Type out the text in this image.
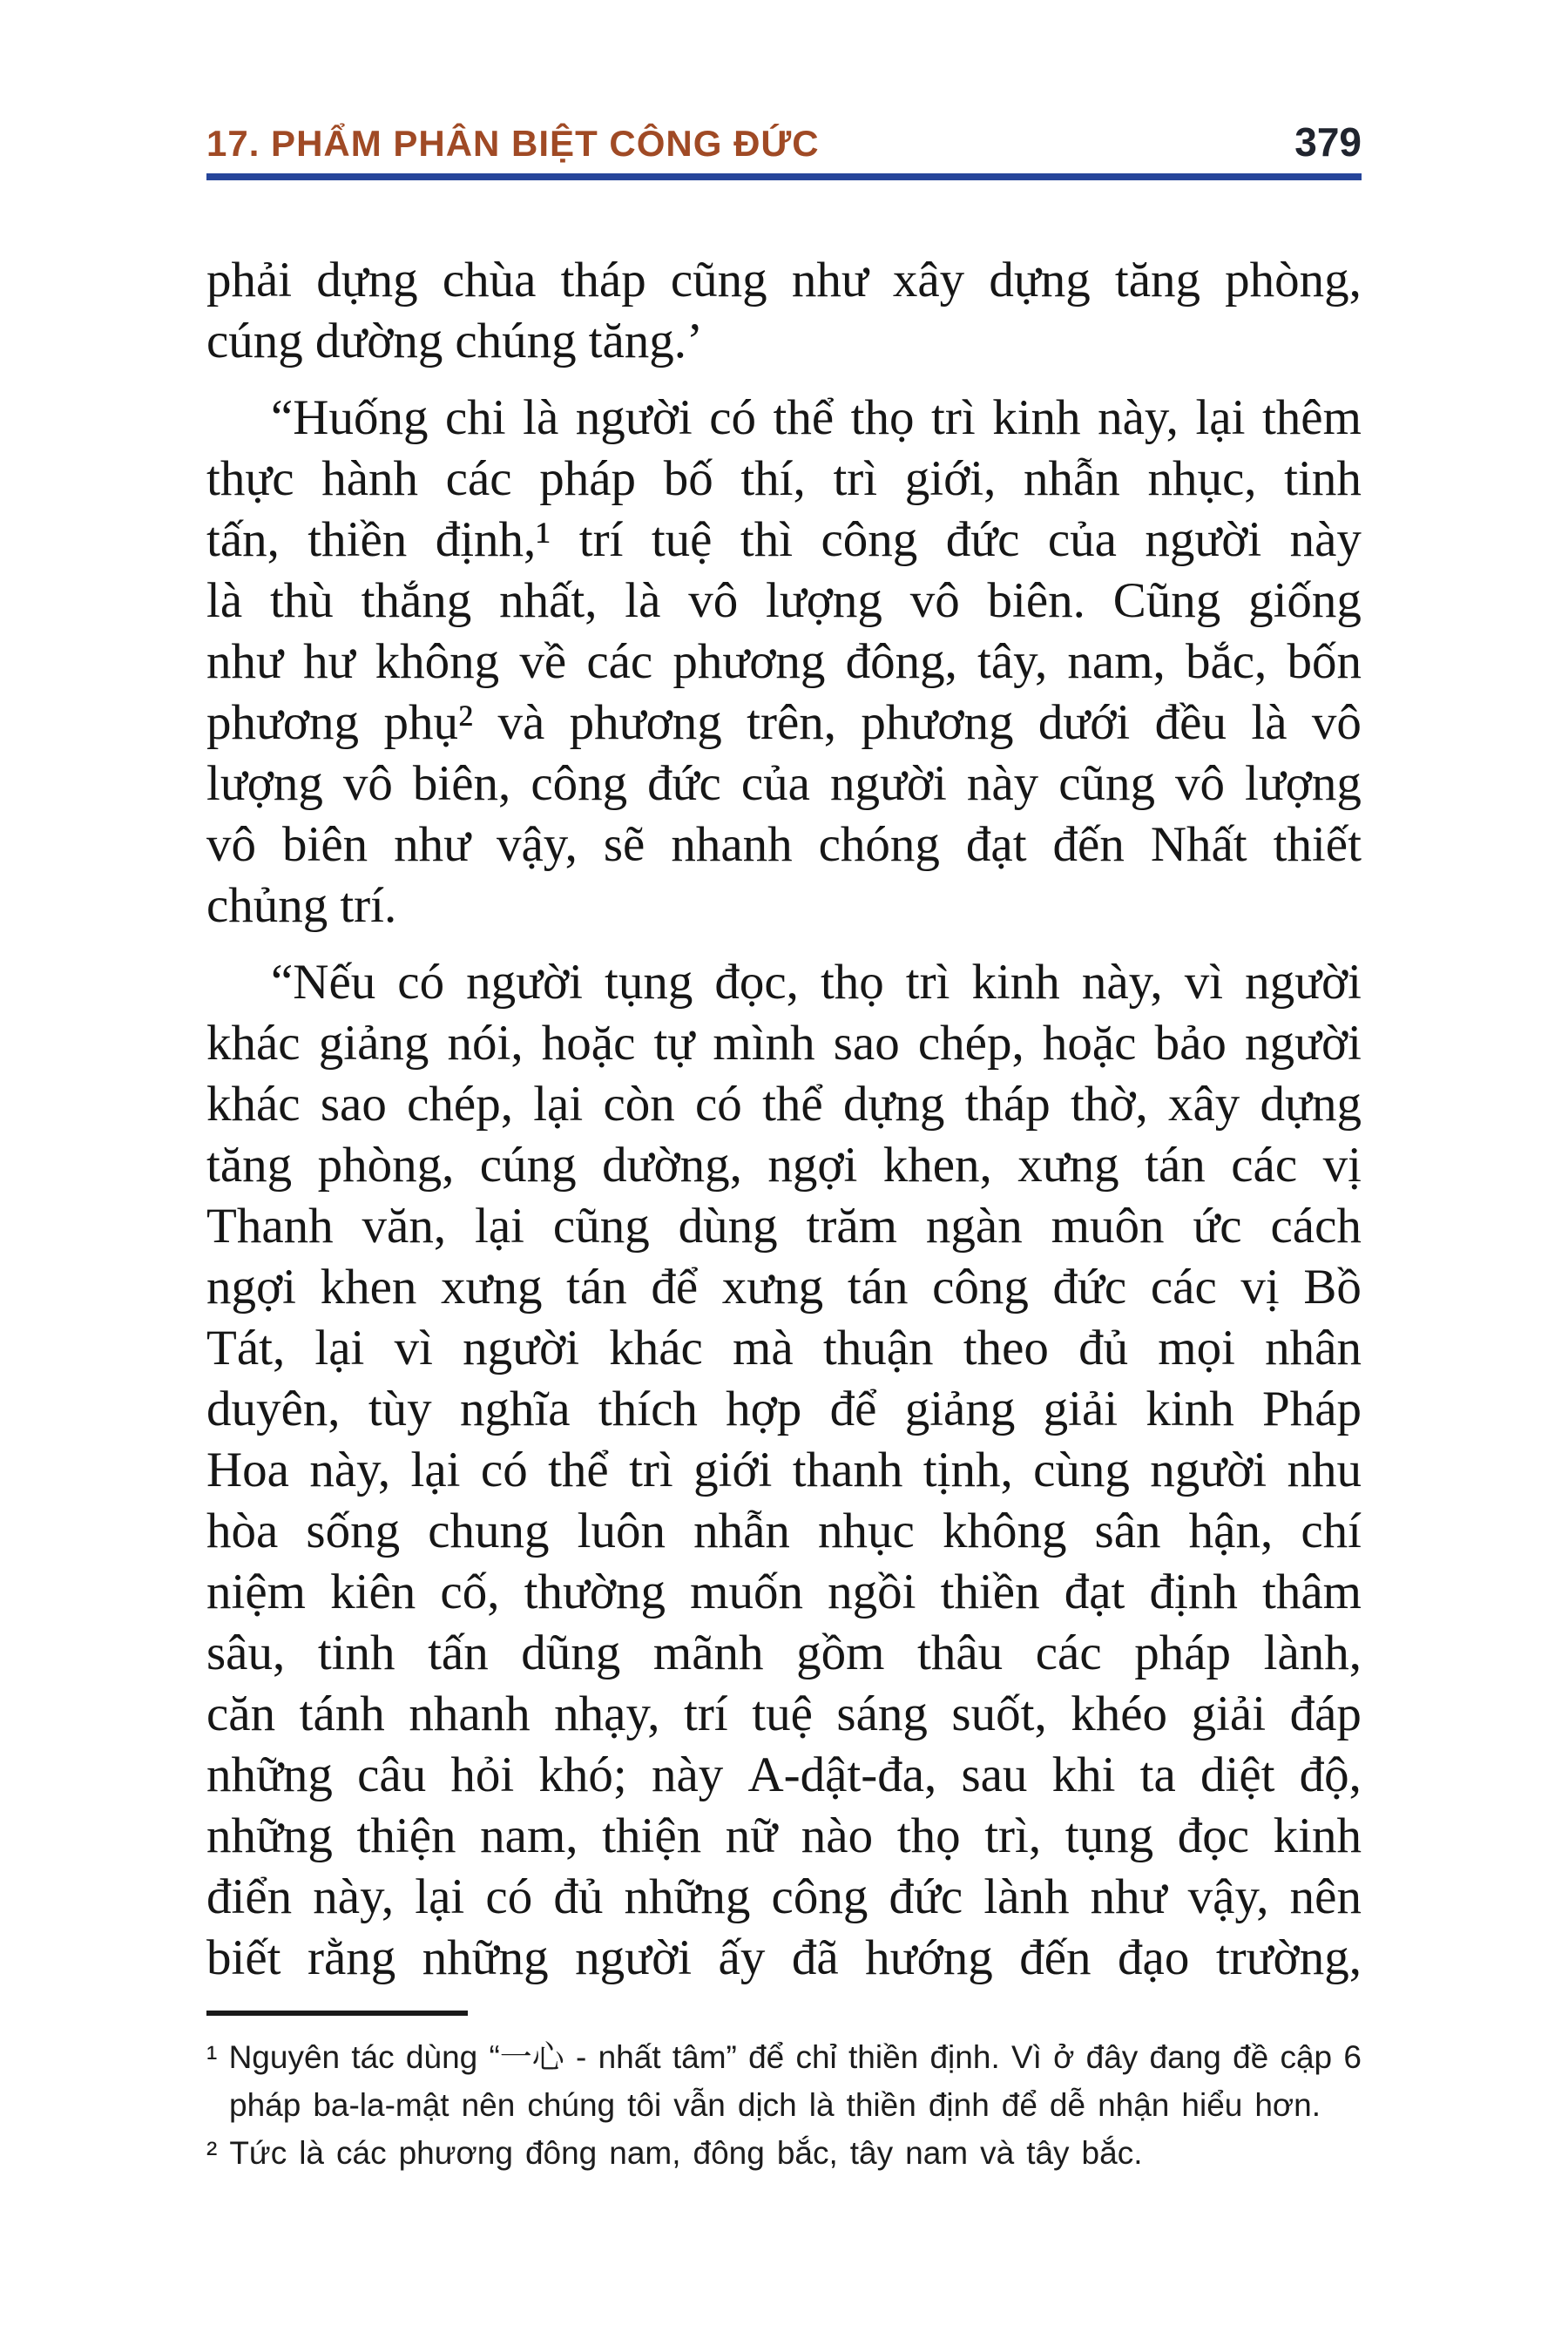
17. PHẨM PHÂN BIỆT CÔNG ĐỨC	379
phải dựng chùa tháp cũng như xây dựng tăng phòng,
cúng dường chúng tăng.’
“Huống chi là người có thể thọ trì kinh này, lại thêm
thực hành các pháp bố thí, trì giới, nhẫn nhục, tinh
tấn, thiền định,¹ trí tuệ thì công đức của người này
là thù thắng nhất, là vô lượng vô biên. Cũng giống
như hư không về các phương đông, tây, nam, bắc, bốn
phương phụ² và phương trên, phương dưới đều là vô
lượng vô biên, công đức của người này cũng vô lượng
vô biên như vậy, sẽ nhanh chóng đạt đến Nhất thiết
chủng trí.
“Nếu có người tụng đọc, thọ trì kinh này, vì người
khác giảng nói, hoặc tự mình sao chép, hoặc bảo người
khác sao chép, lại còn có thể dựng tháp thờ, xây dựng
tăng phòng, cúng dường, ngợi khen, xưng tán các vị
Thanh văn, lại cũng dùng trăm ngàn muôn ức cách
ngợi khen xưng tán để xưng tán công đức các vị Bồ
Tát, lại vì người khác mà thuận theo đủ mọi nhân
duyên, tùy nghĩa thích hợp để giảng giải kinh Pháp
Hoa này, lại có thể trì giới thanh tịnh, cùng người nhu
hòa sống chung luôn nhẫn nhục không sân hận, chí
niệm kiên cố, thường muốn ngồi thiền đạt định thâm
sâu, tinh tấn dũng mãnh gồm thâu các pháp lành,
căn tánh nhanh nhạy, trí tuệ sáng suốt, khéo giải đáp
những câu hỏi khó; này A-dật-đa, sau khi ta diệt độ,
những thiện nam, thiện nữ nào thọ trì, tụng đọc kinh
điển này, lại có đủ những công đức lành như vậy, nên
biết rằng những người ấy đã hướng đến đạo trường,
¹ Nguyên tác dùng “一心 - nhất tâm” để chỉ thiền định. Vì ở đây đang đề cập 6
pháp ba-la-mật nên chúng tôi vẫn dịch là thiền định để dễ nhận hiểu hơn.
² Tức là các phương đông nam, đông bắc, tây nam và tây bắc.
